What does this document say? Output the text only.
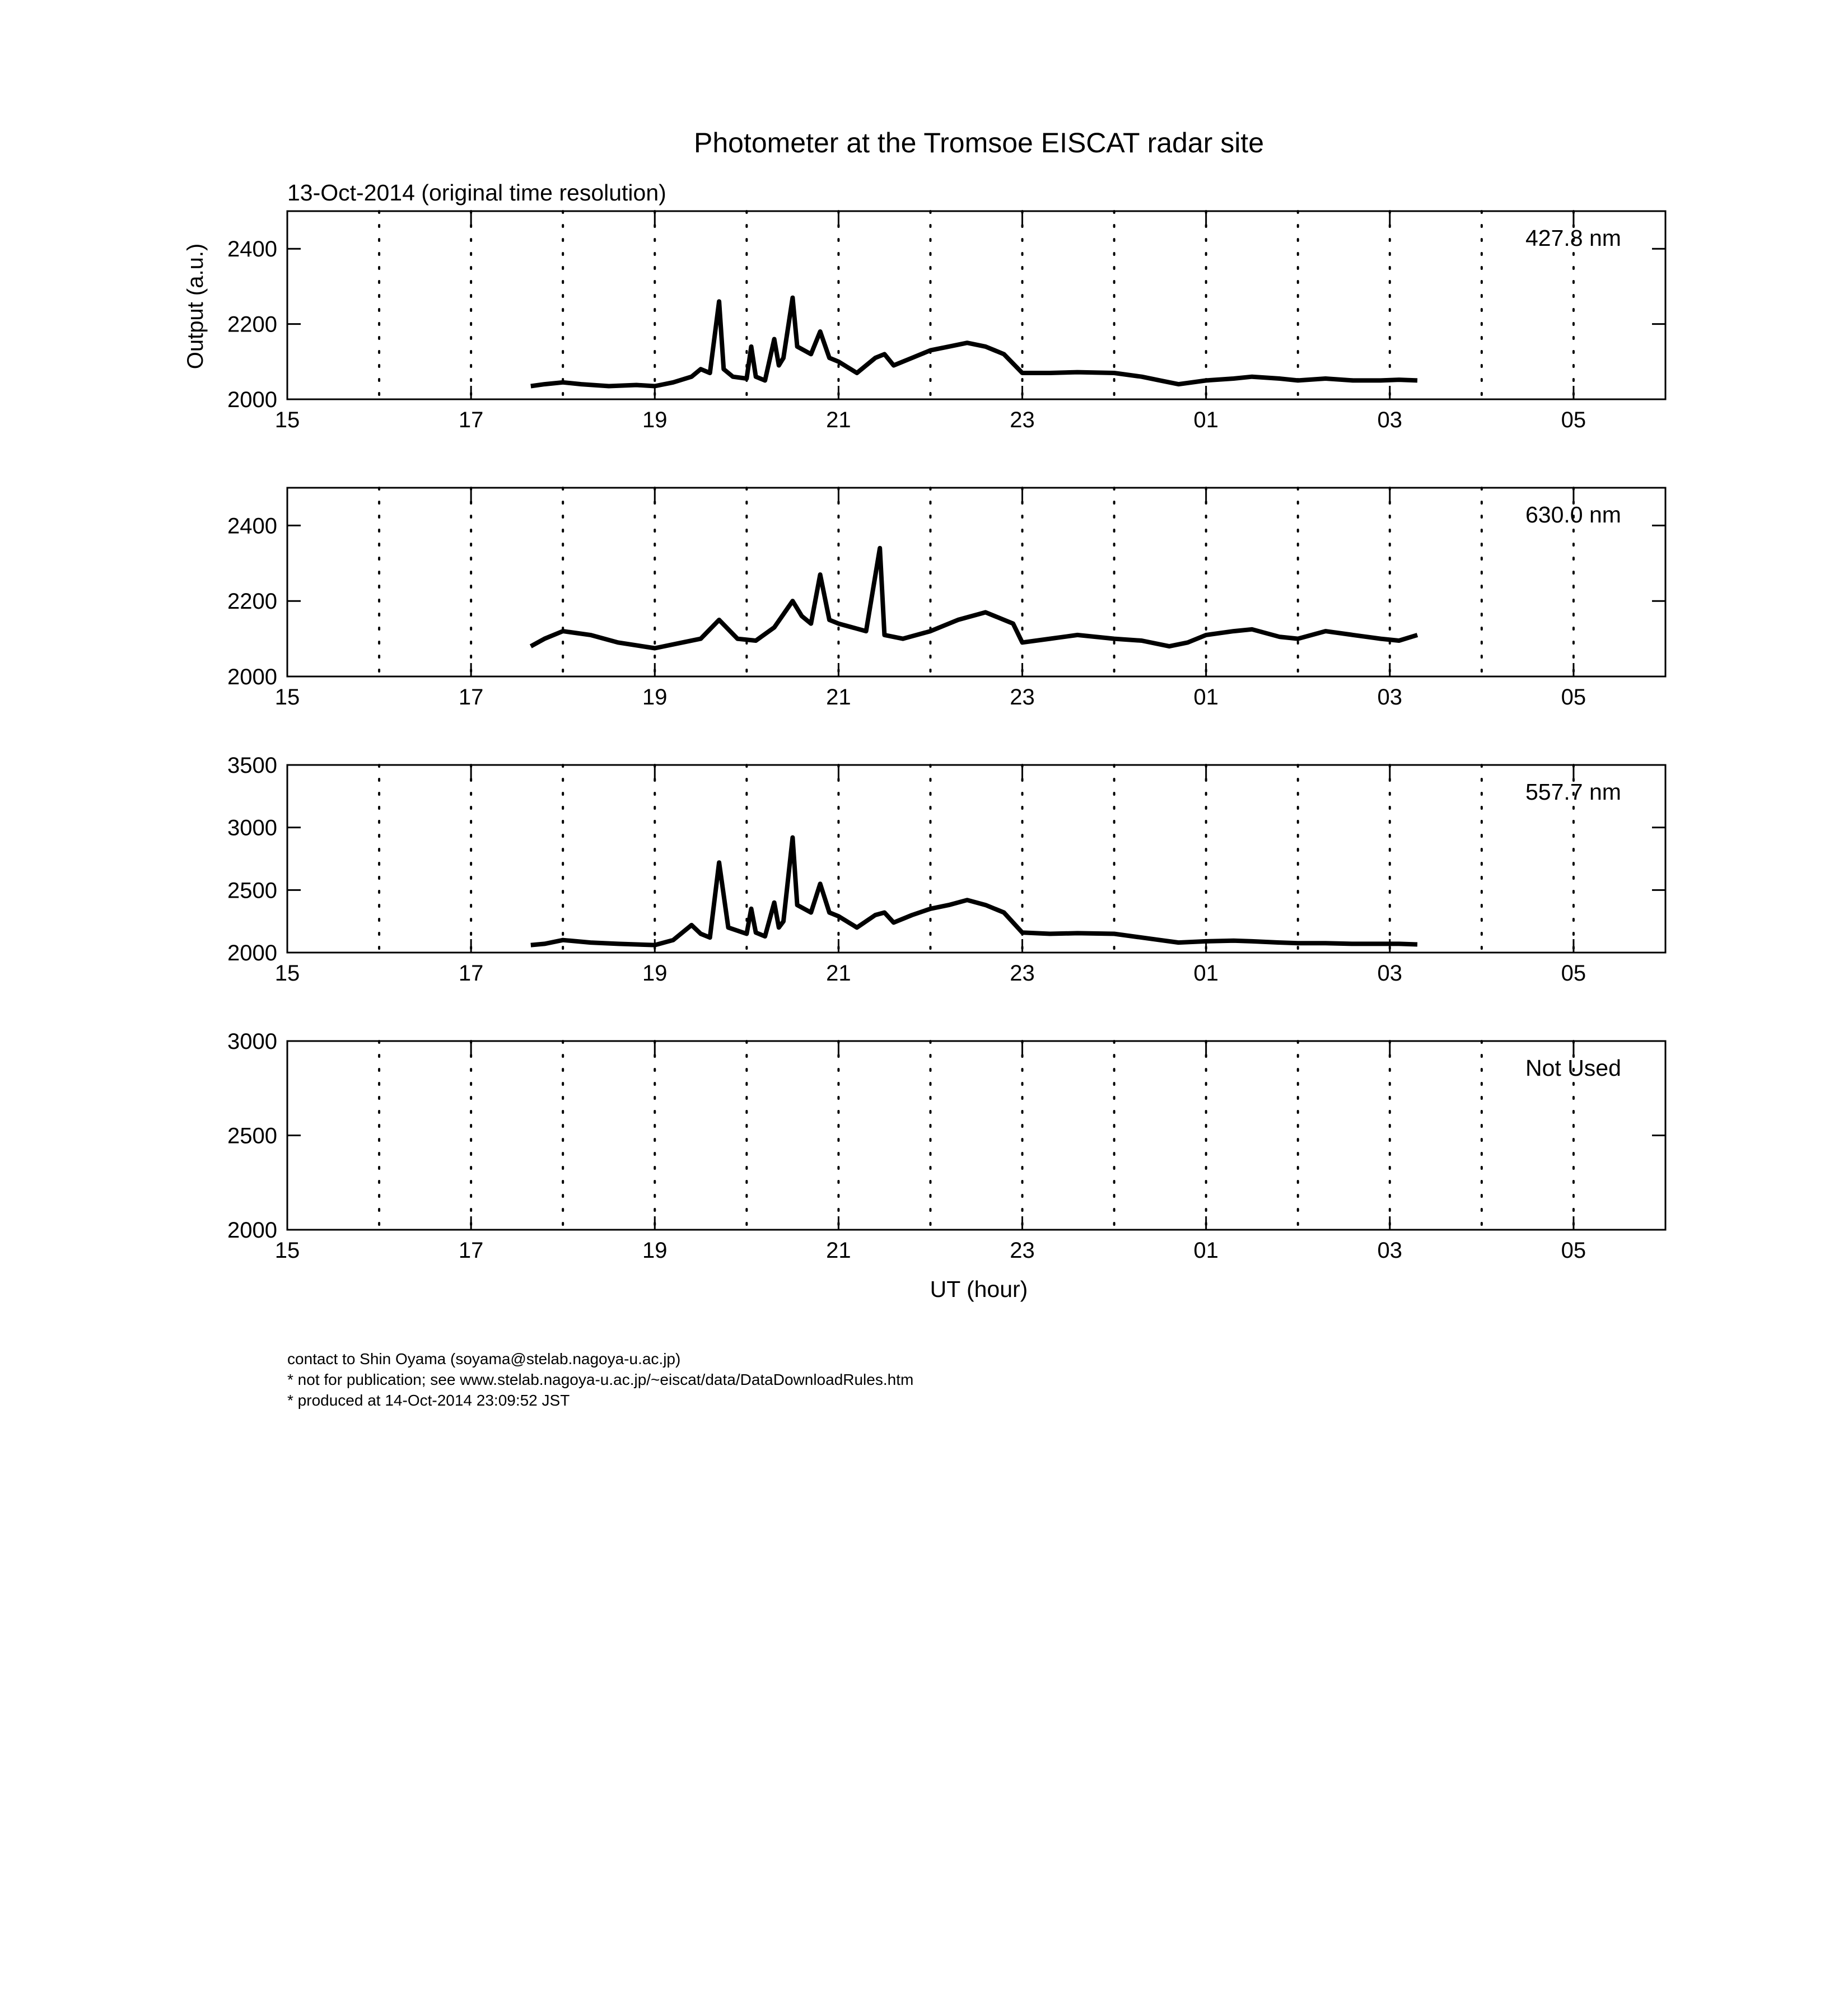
Photometer at the Tromsoe EISCAT radar site
13-Oct-2014 (original time resolution)
Output (a.u.)
UT (hour)
15	17	19	21	23	01	03	05
2000
2200
2400	427.8 nm
15	17	19	21	23	01	03	05
2000
2200
2400	630.0 nm
15	17	19	21	23	01	03	05
2000
2500
3000
3500
557.7 nm
15	17	19	21	23	01	03	05
2000
2500
3000
Not Used
contact to Shin Oyama (soyama@stelab.nagoya-u.ac.jp)
* not for publication; see www.stelab.nagoya-u.ac.jp/~eiscat/data/DataDownloadRules.htm
* produced at 14-Oct-2014 23:09:52 JST
